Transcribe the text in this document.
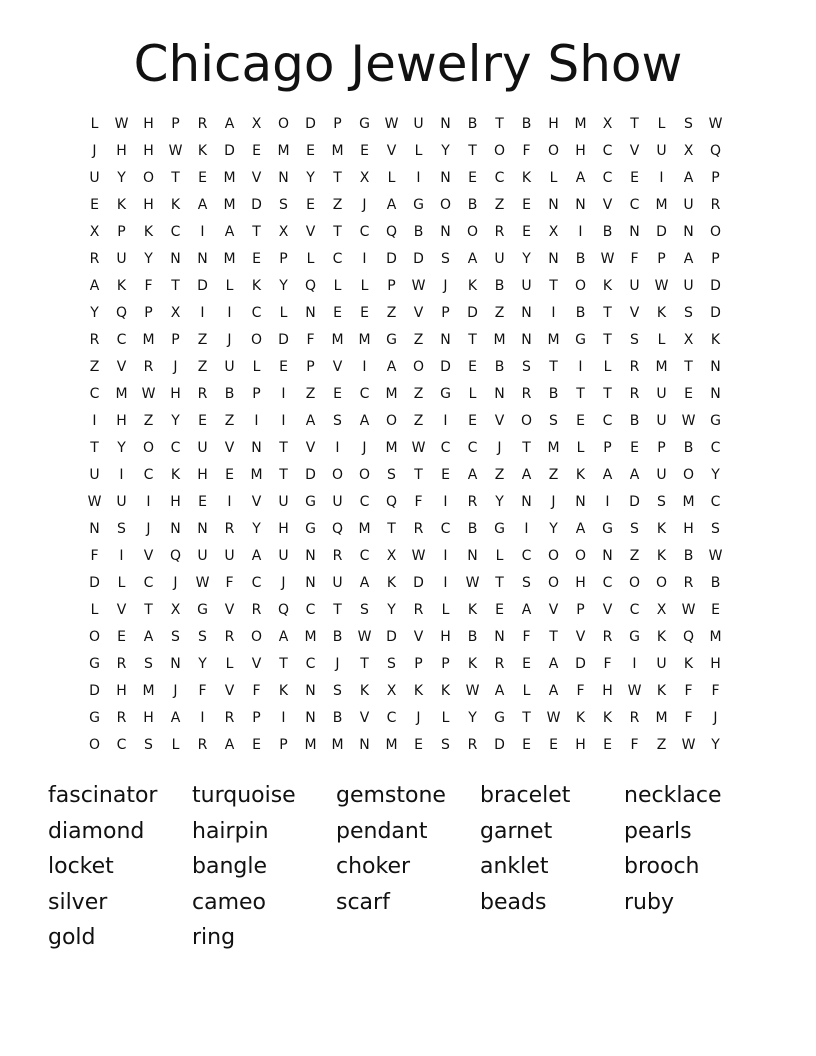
Chicago Jewelry Show
L	W	H	P	R	A	X	O	D	P	G	W	U	N	B	T	B	H	M	X	T	L	S	W
J	H	H	W	K	D	E	M	E	M	E	V	L	Y	T	O	F	O	H	C	V	U	X	Q
U	Y	O	T	E	M	V	N	Y	T	X	L	I	N	E	C	K	L	A	C	E	I	A	P
E	K	H	K	A	M	D	S	E	Z	J	A	G	O	B	Z	E	N	N	V	C	M	U	R
X	P	K	C	I	A	T	X	V	T	C	Q	B	N	O	R	E	X	I	B	N	D	N	O
R	U	Y	N	N	M	E	P	L	C	I	D	D	S	A	U	Y	N	B	W	F	P	A	P
A	K	F	T	D	L	K	Y	Q	L	L	P	W	J	K	B	U	T	O	K	U	W	U	D
Y	Q	P	X	I	I	C	L	N	E	E	Z	V	P	D	Z	N	I	B	T	V	K	S	D
R	C	M	P	Z	J	O	D	F	M	M	G	Z	N	T	M	N	M	G	T	S	L	X	K
Z	V	R	J	Z	U	L	E	P	V	I	A	O	D	E	B	S	T	I	L	R	M	T	N
C	M	W	H	R	B	P	I	Z	E	C	M	Z	G	L	N	R	B	T	T	R	U	E	N
I	H	Z	Y	E	Z	I	I	A	S	A	O	Z	I	E	V	O	S	E	C	B	U	W	G
T	Y	O	C	U	V	N	T	V	I	J	M	W	C	C	J	T	M	L	P	E	P	B	C
U	I	C	K	H	E	M	T	D	O	O	S	T	E	A	Z	A	Z	K	A	A	U	O	Y
W	U	I	H	E	I	V	U	G	U	C	Q	F	I	R	Y	N	J	N	I	D	S	M	C
N	S	J	N	N	R	Y	H	G	Q	M	T	R	C	B	G	I	Y	A	G	S	K	H	S
F	I	V	Q	U	U	A	U	N	R	C	X	W	I	N	L	C	O	O	N	Z	K	B	W
D	L	C	J	W	F	C	J	N	U	A	K	D	I	W	T	S	O	H	C	O	O	R	B
L	V	T	X	G	V	R	Q	C	T	S	Y	R	L	K	E	A	V	P	V	C	X	W	E
O	E	A	S	S	R	O	A	M	B	W	D	V	H	B	N	F	T	V	R	G	K	Q	M
G	R	S	N	Y	L	V	T	C	J	T	S	P	P	K	R	E	A	D	F	I	U	K	H
D	H	M	J	F	V	F	K	N	S	K	X	K	K	W	A	L	A	F	H	W	K	F	F
G	R	H	A	I	R	P	I	N	B	V	C	J	L	Y	G	T	W	K	K	R	M	F	J
O	C	S	L	R	A	E	P	M	M	N	M	E	S	R	D	E	E	H	E	F	Z	W	Y
fascinator	turquoise	gemstone	bracelet	necklace
diamond	hairpin	pendant	garnet	pearls
locket	bangle	choker	anklet	brooch
silver	cameo	scarf	beads	ruby
gold	ring
